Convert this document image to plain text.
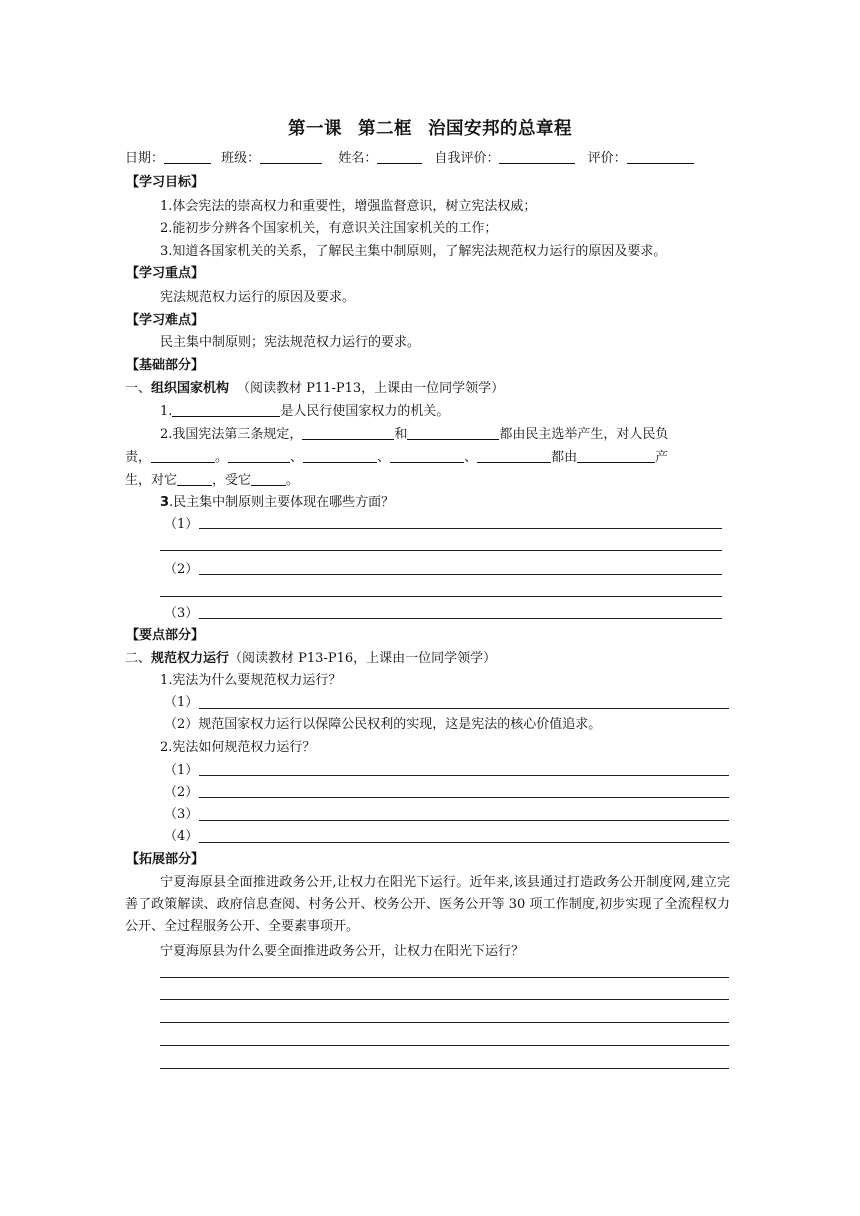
第一课 第二框 治国安邦的总章程
日期：	班级：	姓名：	自我评价：	评价：
【学习目标】
1.体会宪法的崇高权力和重要性，增强监督意识，树立宪法权威；
2.能初步分辨各个国家机关，有意识关注国家机关的工作；
3.知道各国家机关的关系，了解民主集中制原则，了解宪法规范权力运行的原因及要求。
【学习重点】
宪法规范权力运行的原因及要求。
【学习难点】
民主集中制原则；宪法规范权力运行的要求。
【基础部分】
一、组织国家机构 （阅读教材 P11-P13，上课由一位同学领学）
1.	是人民行使国家权力的机关。
2.我国宪法第三条规定，	和	都由民主选举产生，对人民负
责，	。	、	、	、	都由	产
生，对它	，受它	。
3.民主集中制原则主要体现在哪些方面？
（1）
（2）
（3）
【要点部分】
二、规范权力运行（阅读教材 P13-P16，上课由一位同学领学）
1.宪法为什么要规范权力运行？
（1）
（2）规范国家权力运行以保障公民权利的实现，这是宪法的核心价值追求。
2.宪法如何规范权力运行？
（1）
（2）
（3）
（4）
【拓展部分】
宁夏海原县全面推进政务公开,让权力在阳光下运行。近年来,该县通过打造政务公开制度网,建立完善了政策解读、政府信息查阅、村务公开、校务公开、医务公开等 30 项工作制度,初步实现了全流程权力公开、全过程服务公开、全要素事项开。
宁夏海原县为什么要全面推进政务公开，让权力在阳光下运行？
